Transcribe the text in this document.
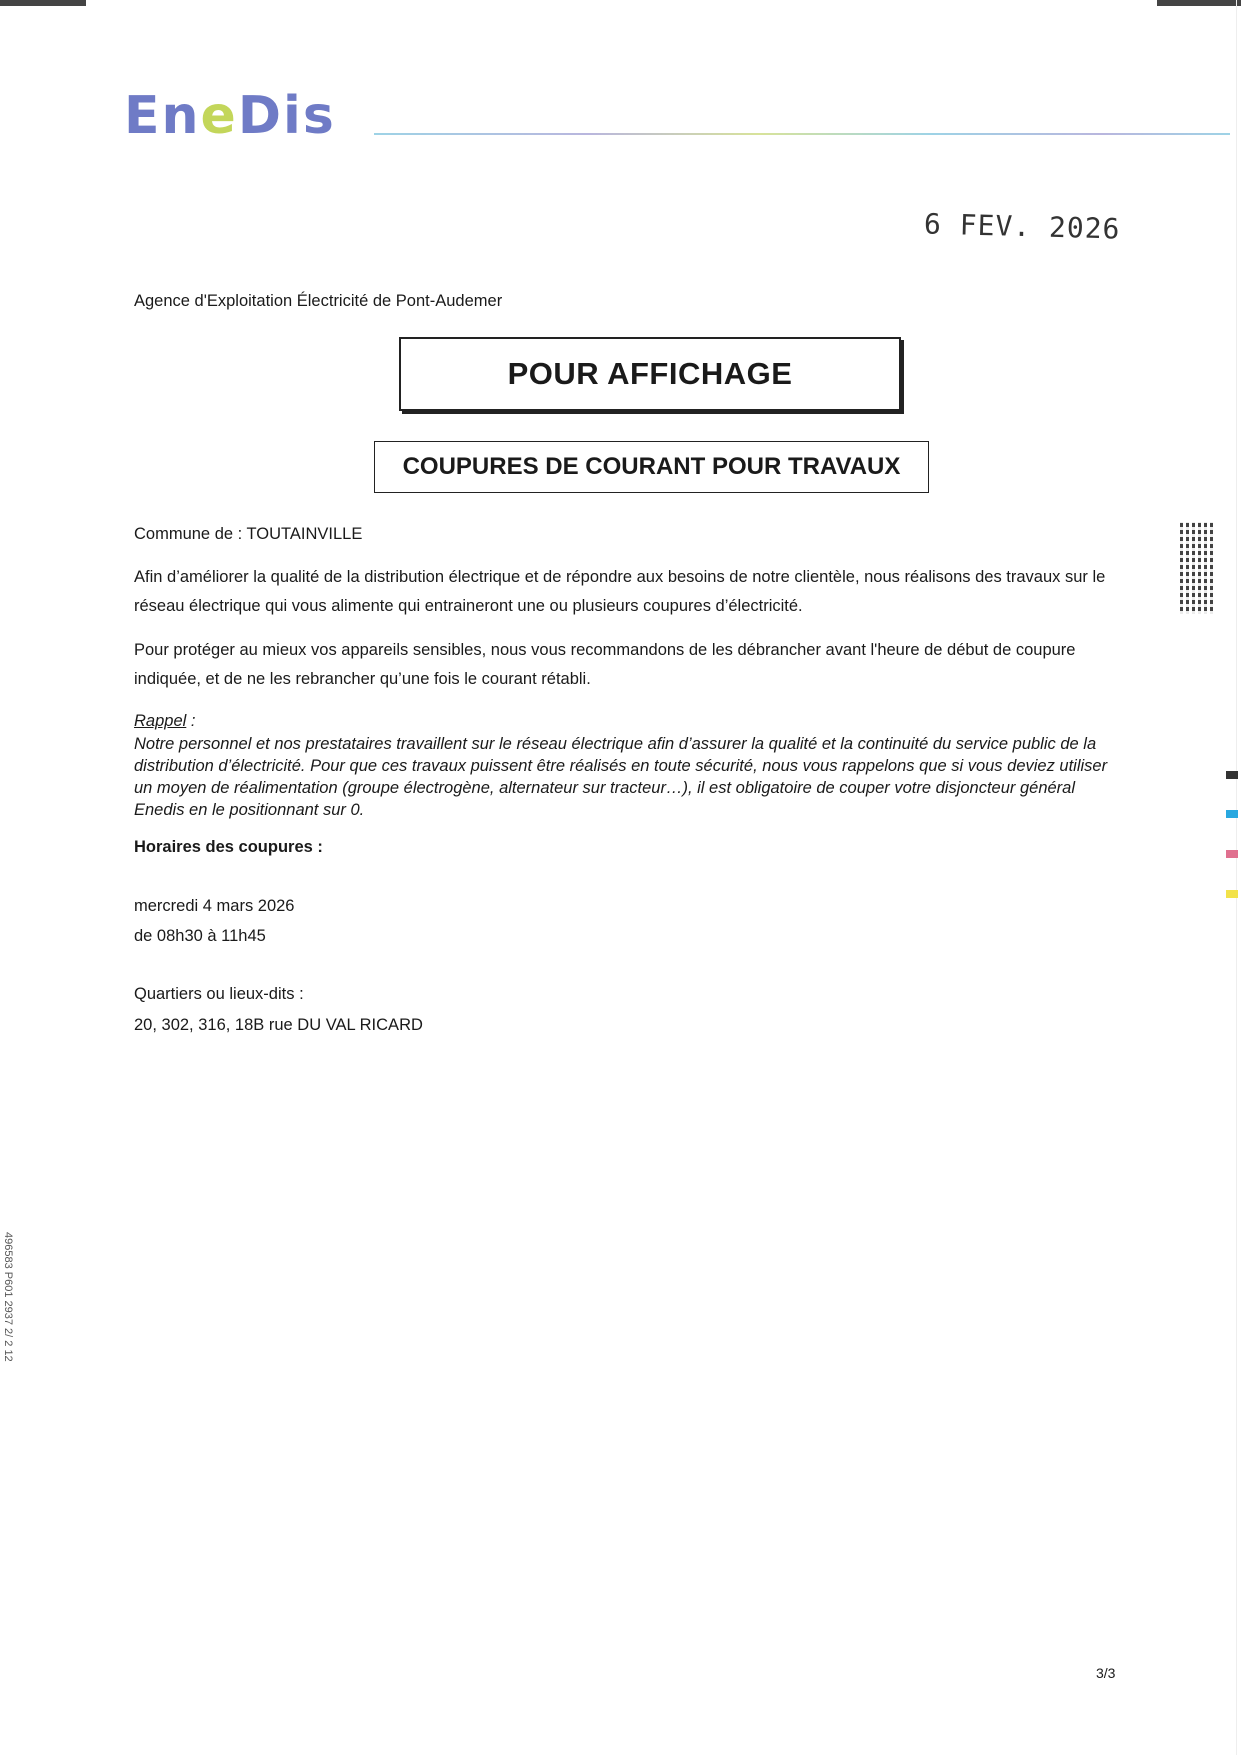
EneDis
6 FEV. 2026
Agence d'Exploitation Électricité de Pont-Audemer
POUR AFFICHAGE
COUPURES DE COURANT POUR TRAVAUX
Commune de : TOUTAINVILLE
Afin d’améliorer la qualité de la distribution électrique et de répondre aux besoins de notre clientèle, nous réalisons des travaux sur le réseau électrique qui vous alimente qui entraineront une ou plusieurs coupures d’électricité.
Pour protéger au mieux vos appareils sensibles, nous vous recommandons de les débrancher avant l'heure de début de coupure indiquée, et de ne les rebrancher qu’une fois le courant rétabli.
Rappel :
Notre personnel et nos prestataires travaillent sur le réseau électrique afin d’assurer la qualité et la continuité du service public de la distribution d’électricité. Pour que ces travaux puissent être réalisés en toute sécurité, nous vous rappelons que si vous deviez utiliser un moyen de réalimentation (groupe électrogène, alternateur sur tracteur…), il est obligatoire de couper votre disjoncteur général Enedis en le positionnant sur 0.
Horaires des coupures :
mercredi 4 mars 2026
de 08h30 à 11h45
Quartiers ou lieux-dits :
20, 302, 316, 18B rue DU VAL RICARD
496583 P601 2937 2/ 2 12
3/3
